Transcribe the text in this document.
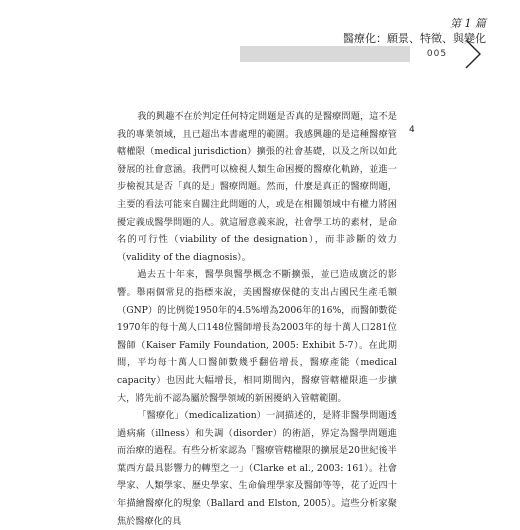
第 1 篇
醫療化：願景、特徵、與變化
005
4

我的興趣不在於判定任何特定問題是否真的是醫療問題，這不是我的專業領域，且已超出本書處理的範圍。我感興趣的是這種醫療管轄權限（medical jurisdiction）擴張的社會基礎，以及之所以如此發展的社會意涵。我們可以檢視人類生命困擾的醫療化軌跡，並進一步檢視其是否「真的是」醫療問題。然而，什麼是真正的醫療問題，主要的看法可能來自關注此問題的人，或是在相關領域中有權力將困擾定義成醫學問題的人。就這層意義來說，社會學工坊的素材，是命名的可行性（viability of the designation），而非診斷的效力（validity of the diagnosis）。

過去五十年來，醫學與醫學概念不斷擴張，並已造成廣泛的影響。舉兩個常見的指標來說，美國醫療保健的支出占國民生產毛額（GNP）的比例從1950年的4.5%增為2006年的16%，而醫師數從1970年的每十萬人口148位醫師增長為2003年的每十萬人口281位醫師（Kaiser Family Foundation, 2005: Exhibit 5-7）。在此期間，平均每十萬人口醫師數幾乎翻倍增長，醫療產能（medical capacity）也因此大幅增長，相同期間內，醫療管轄權限進一步擴大，將先前不認為屬於醫學領域的新困擾納入管轄範圍。

「醫療化」（medicalization）一詞描述的，是將非醫學問題透過病痛（illness）和失調（disorder）的術語，界定為醫學問題進而治療的過程。有些分析家認為「醫療管轄權限的擴展是20世紀後半葉西方最具影響力的轉型之一」（Clarke et al., 2003: 161）。社會學家、人類學家、歷史學家、生命倫理學家及醫師等等，花了近四十年描繪醫療化的現象（Ballard and Elston, 2005）。這些分析家聚焦於醫療化的具
